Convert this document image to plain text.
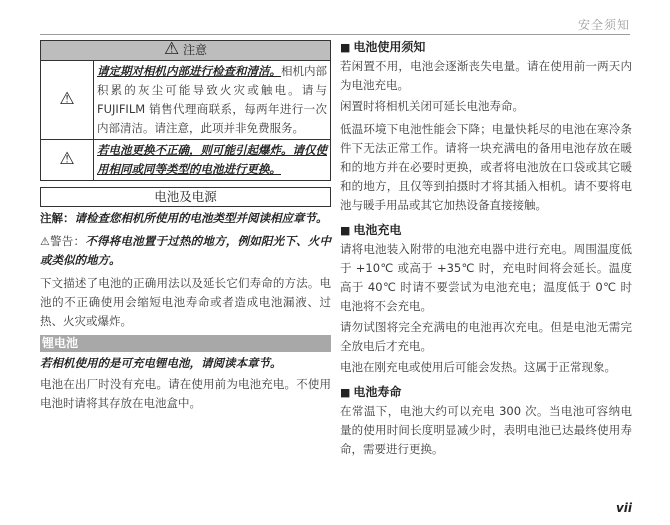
安全须知
⚠ 注意	
⚠	请定期对相机内部进行检查和清洁。相机内部积累的灰尘可能导致火灾或触电。请与 FUJIFILM 销售代理商联系，每两年进行一次内部清洁。请注意，此项并非免费服务。
⚠	若电池更换不正确，则可能引起爆炸。请仅使用相同或同等类型的电池进行更换。
电池及电源

注解：请检查您相机所使用的电池类型并阅读相应章节。

⚠警告：不得将电池置于过热的地方，例如阳光下、火中或类似的地方。

下文描述了电池的正确用法以及延长它们寿命的方法。电池的不正确使用会缩短电池寿命或者造成电池漏液、过热、火灾或爆炸。

锂电池

若相机使用的是可充电锂电池，请阅读本章节。

电池在出厂时没有充电。请在使用前为电池充电。不使用电池时请将其存放在电池盒中。

■ 电池使用须知

若闲置不用，电池会逐渐丧失电量。请在使用前一两天内为电池充电。

闲置时将相机关闭可延长电池寿命。

低温环境下电池性能会下降；电量快耗尽的电池在寒冷条件下无法正常工作。请将一块充满电的备用电池存放在暖和的地方并在必要时更换，或者将电池放在口袋或其它暖和的地方，且仅等到拍摄时才将其插入相机。请不要将电池与暖手用品或其它加热设备直接接触。

■ 电池充电

请将电池装入附带的电池充电器中进行充电。周围温度低于 +10℃ 或高于 +35℃ 时，充电时间将会延长。温度高于 40℃ 时请不要尝试为电池充电；温度低于 0℃ 时电池将不会充电。

请勿试图将完全充满电的电池再次充电。但是电池无需完全放电后才充电。

电池在刚充电或使用后可能会发热。这属于正常现象。

■ 电池寿命

在常温下，电池大约可以充电 300 次。当电池可容纳电量的使用时间长度明显减少时，表明电池已达最终使用寿命，需要进行更换。

vii
